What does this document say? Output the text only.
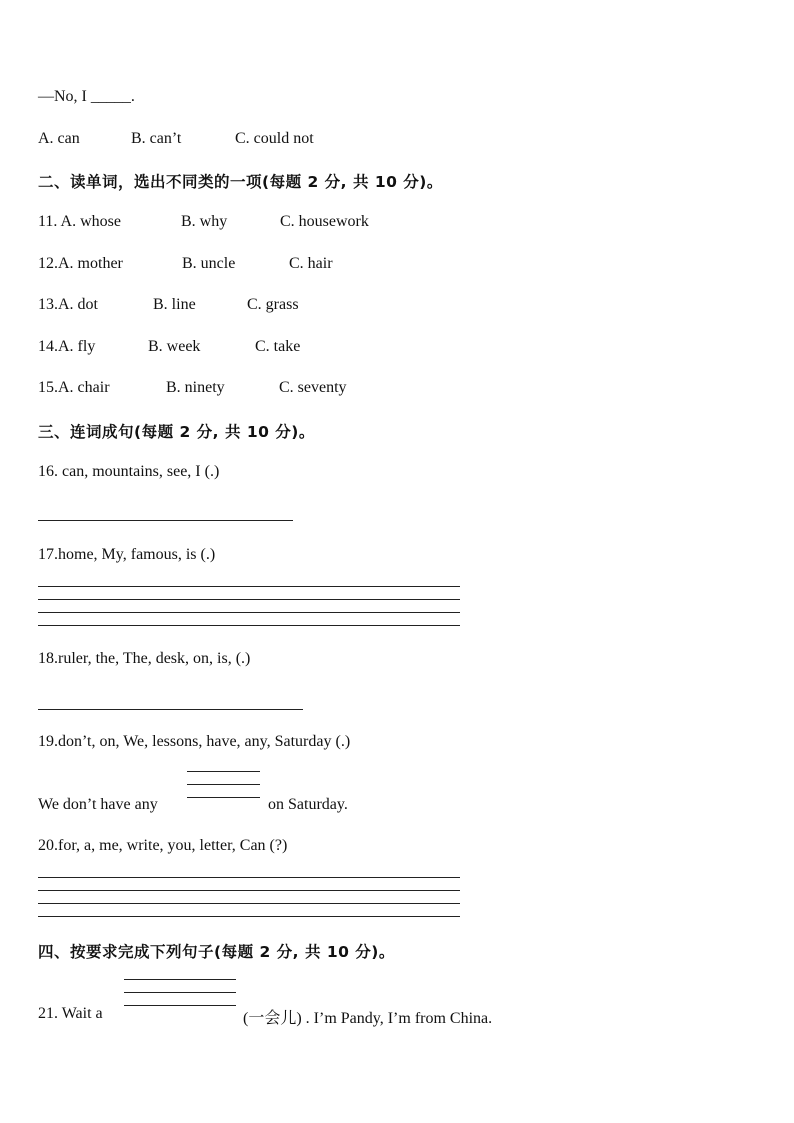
—No, I _____.
A. can	B. can’t	C. could not
二、读单词，选出不同类的一项(每题 2 分, 共 10 分)。
11. A. whose	B. why	C. housework
12.A. mother	B. uncle	C. hair
13.A. dot	B. line	C. grass
14.A. fly	B. week	C. take
15.A. chair	B. ninety	C. seventy
三、连词成句(每题 2 分, 共 10 分)。
16. can, mountains, see, I (.)
17.home, My, famous, is (.)
18.ruler, the, The, desk, on, is, (.)
19.don’t, on, We, lessons, have, any, Saturday (.)
We don’t have any	on Saturday.
20.for, a, me, write, you, letter, Can (?)
四、按要求完成下列句子(每题 2 分, 共 10 分)。
21. Wait a	(一会儿) . I’m Pandy, I’m from China.
